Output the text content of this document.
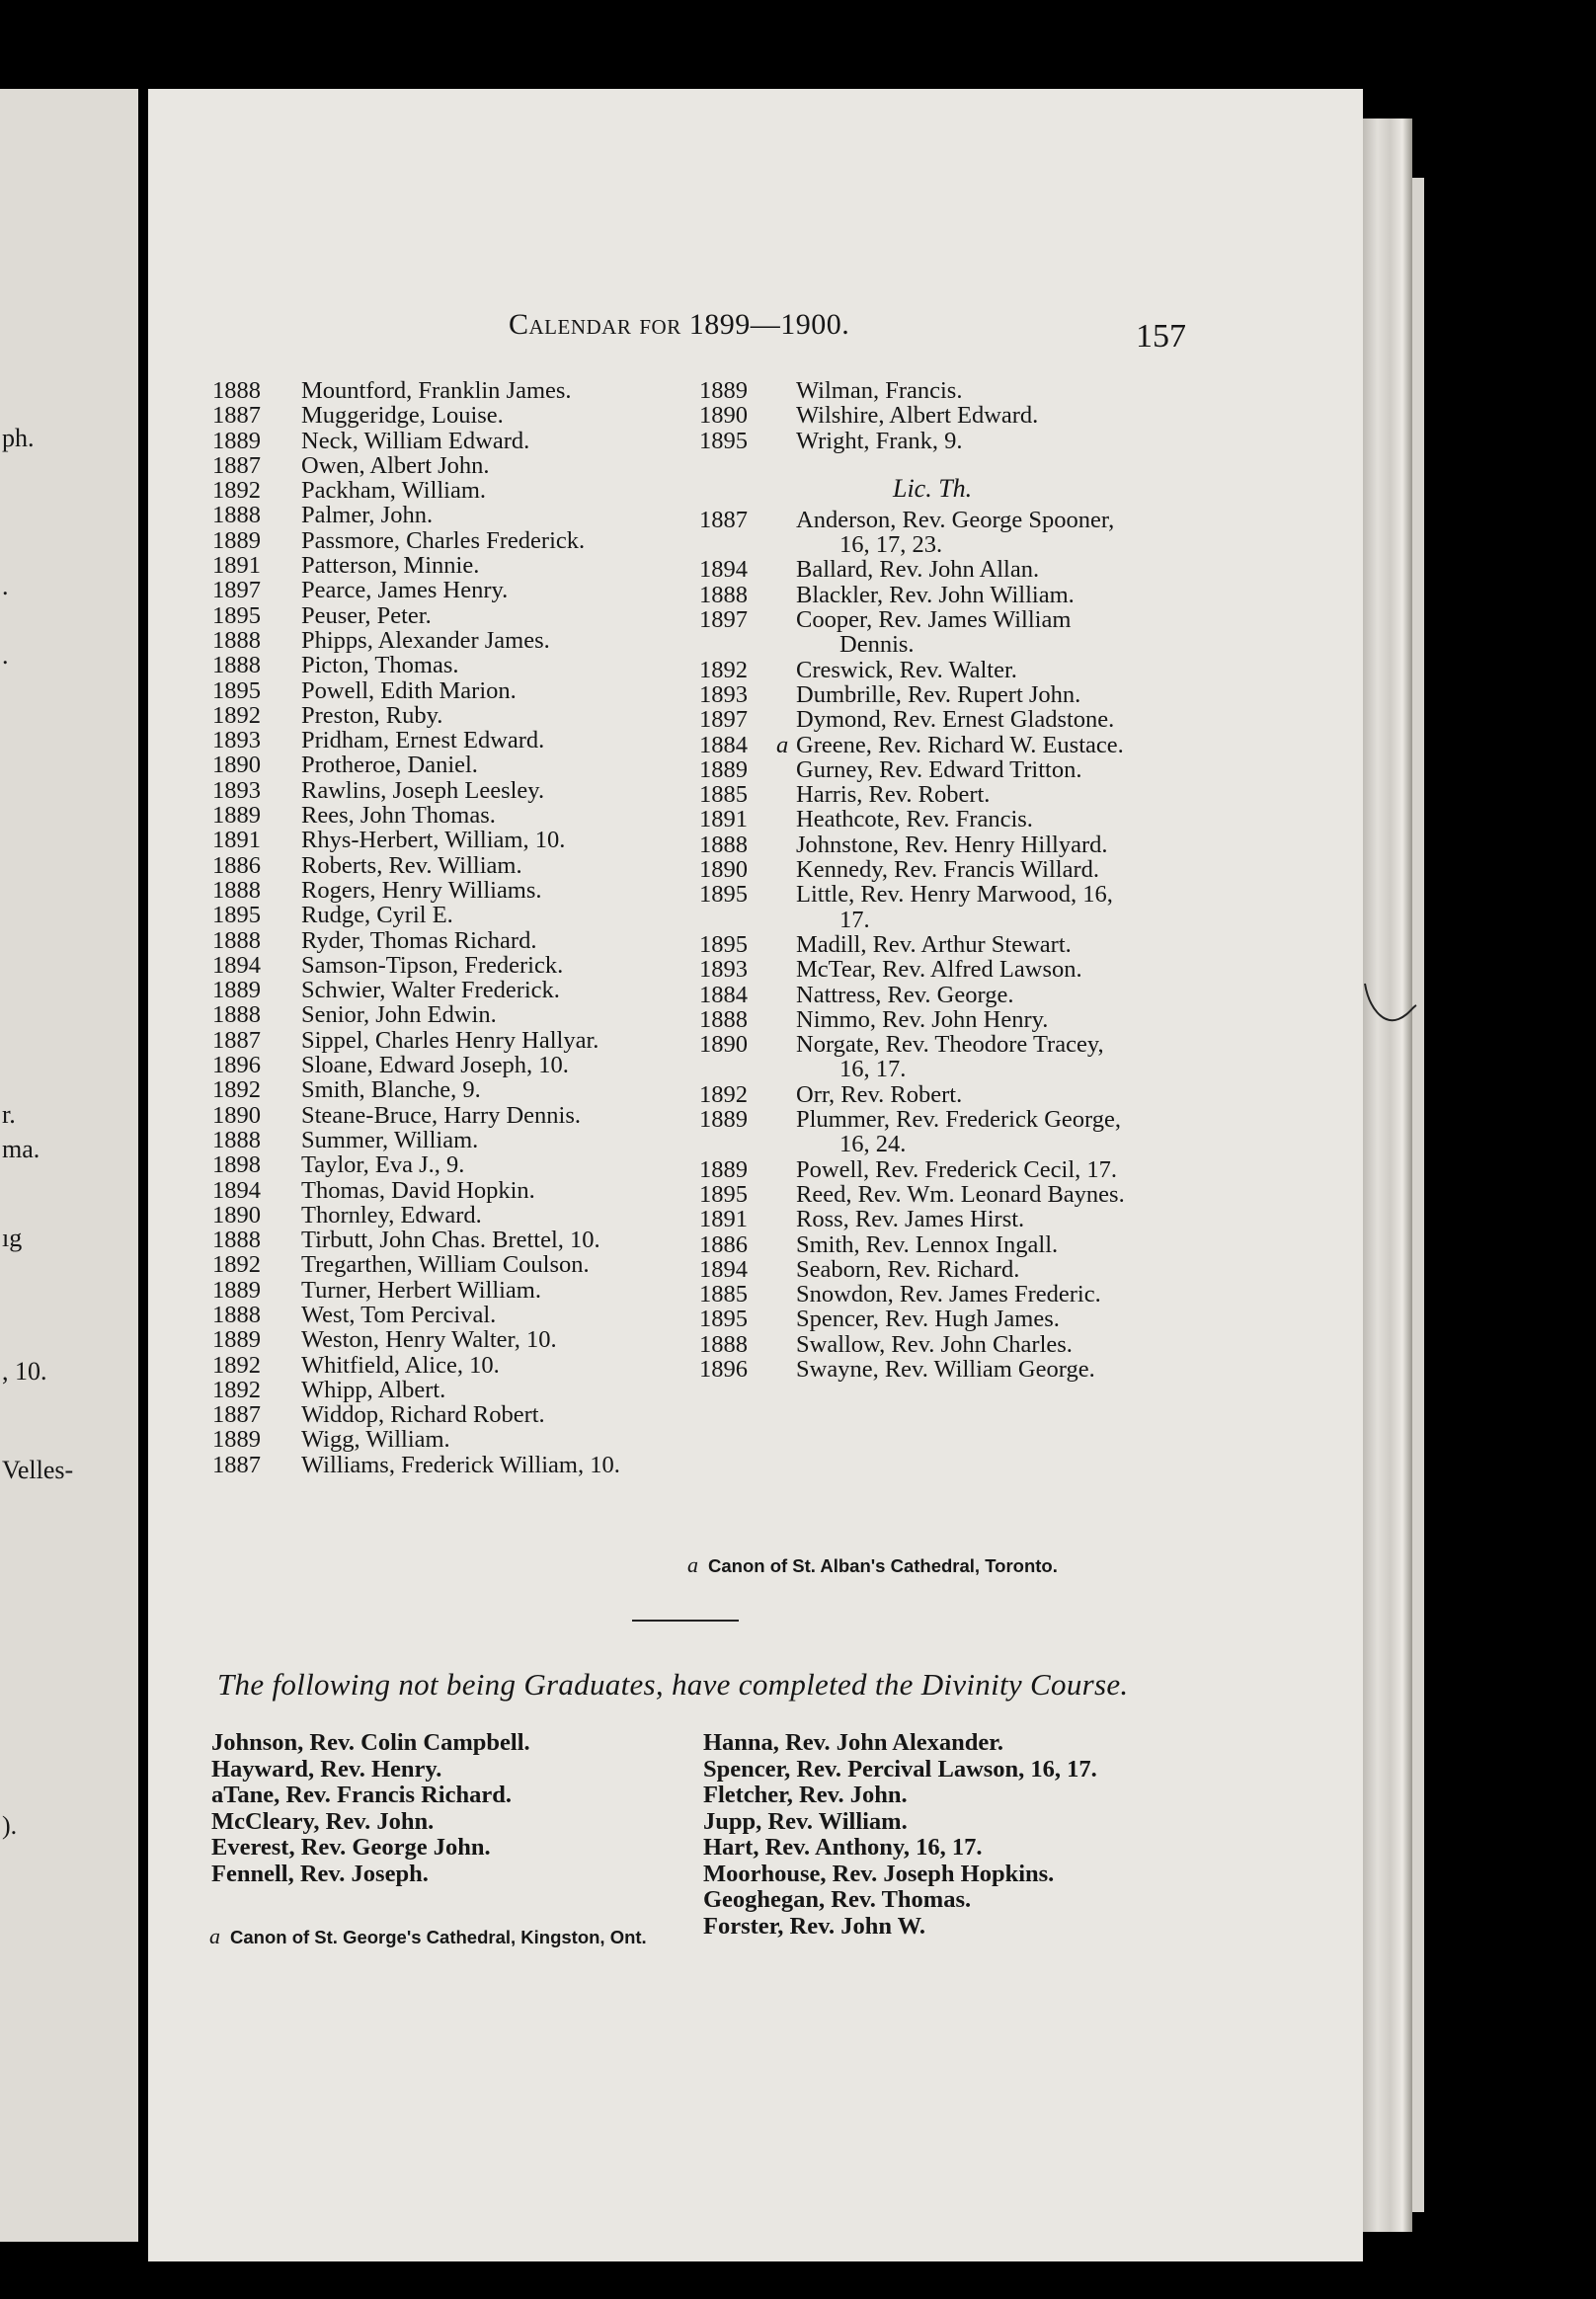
ph.
.
.
r.
ma.
ıg
, 10.
Velles-
).
Calendar for 1899—1900.	157
1888	Mountford, Franklin James.
1887	Muggeridge, Louise.
1889	Neck, William Edward.
1887	Owen, Albert John.
1892	Packham, William.
1888	Palmer, John.
1889	Passmore, Charles Frederick.
1891	Patterson, Minnie.
1897	Pearce, James Henry.
1895	Peuser, Peter.
1888	Phipps, Alexander James.
1888	Picton, Thomas.
1895	Powell, Edith Marion.
1892	Preston, Ruby.
1893	Pridham, Ernest Edward.
1890	Protheroe, Daniel.
1893	Rawlins, Joseph Leesley.
1889	Rees, John Thomas.
1891	Rhys-Herbert, William, 10.
1886	Roberts, Rev. William.
1888	Rogers, Henry Williams.
1895	Rudge, Cyril E.
1888	Ryder, Thomas Richard.
1894	Samson-Tipson, Frederick.
1889	Schwier, Walter Frederick.
1888	Senior, John Edwin.
1887	Sippel, Charles Henry Hallyar.
1896	Sloane, Edward Joseph, 10.
1892	Smith, Blanche, 9.
1890	Steane-Bruce, Harry Dennis.
1888	Summer, William.
1898	Taylor, Eva J., 9.
1894	Thomas, David Hopkin.
1890	Thornley, Edward.
1888	Tirbutt, John Chas. Brettel, 10.
1892	Tregarthen, William Coulson.
1889	Turner, Herbert William.
1888	West, Tom Percival.
1889	Weston, Henry Walter, 10.
1892	Whitfield, Alice, 10.
1892	Whipp, Albert.
1887	Widdop, Richard Robert.
1889	Wigg, William.
1887	Williams, Frederick William, 10.
1889	Wilman, Francis.
1890	Wilshire, Albert Edward.
1895	Wright, Frank, 9.
Lic. Th.
1887	Anderson, Rev. George Spooner,
16, 17, 23.
1894	Ballard, Rev. John Allan.
1888	Blackler, Rev. John William.
1897	Cooper, Rev. James William
Dennis.
1892	Creswick, Rev. Walter.
1893	Dumbrille, Rev. Rupert John.
1897	Dymond, Rev. Ernest Gladstone.
1884	a Greene, Rev. Richard W. Eustace.
1889	Gurney, Rev. Edward Tritton.
1885	Harris, Rev. Robert.
1891	Heathcote, Rev. Francis.
1888	Johnstone, Rev. Henry Hillyard.
1890	Kennedy, Rev. Francis Willard.
1895	Little, Rev. Henry Marwood, 16,
17.
1895	Madill, Rev. Arthur Stewart.
1893	McTear, Rev. Alfred Lawson.
1884	Nattress, Rev. George.
1888	Nimmo, Rev. John Henry.
1890	Norgate, Rev. Theodore Tracey,
16, 17.
1892	Orr, Rev. Robert.
1889	Plummer, Rev. Frederick George,
16, 24.
1889	Powell, Rev. Frederick Cecil, 17.
1895	Reed, Rev. Wm. Leonard Baynes.
1891	Ross, Rev. James Hirst.
1886	Smith, Rev. Lennox Ingall.
1894	Seaborn, Rev. Richard.
1885	Snowdon, Rev. James Frederic.
1895	Spencer, Rev. Hugh James.
1888	Swallow, Rev. John Charles.
1896	Swayne, Rev. William George.
a Canon of St. Alban's Cathedral, Toronto.
The following not being Graduates, have completed the Divinity Course.
Johnson, Rev. Colin Campbell.
Hayward, Rev. Henry.
aTane, Rev. Francis Richard.
McCleary, Rev. John.
Everest, Rev. George John.
Fennell, Rev. Joseph.
Hanna, Rev. John Alexander.
Spencer, Rev. Percival Lawson, 16, 17.
Fletcher, Rev. John.
Jupp, Rev. William.
Hart, Rev. Anthony, 16, 17.
Moorhouse, Rev. Joseph Hopkins.
Geoghegan, Rev. Thomas.
Forster, Rev. John W.
a Canon of St. George's Cathedral, Kingston, Ont.
